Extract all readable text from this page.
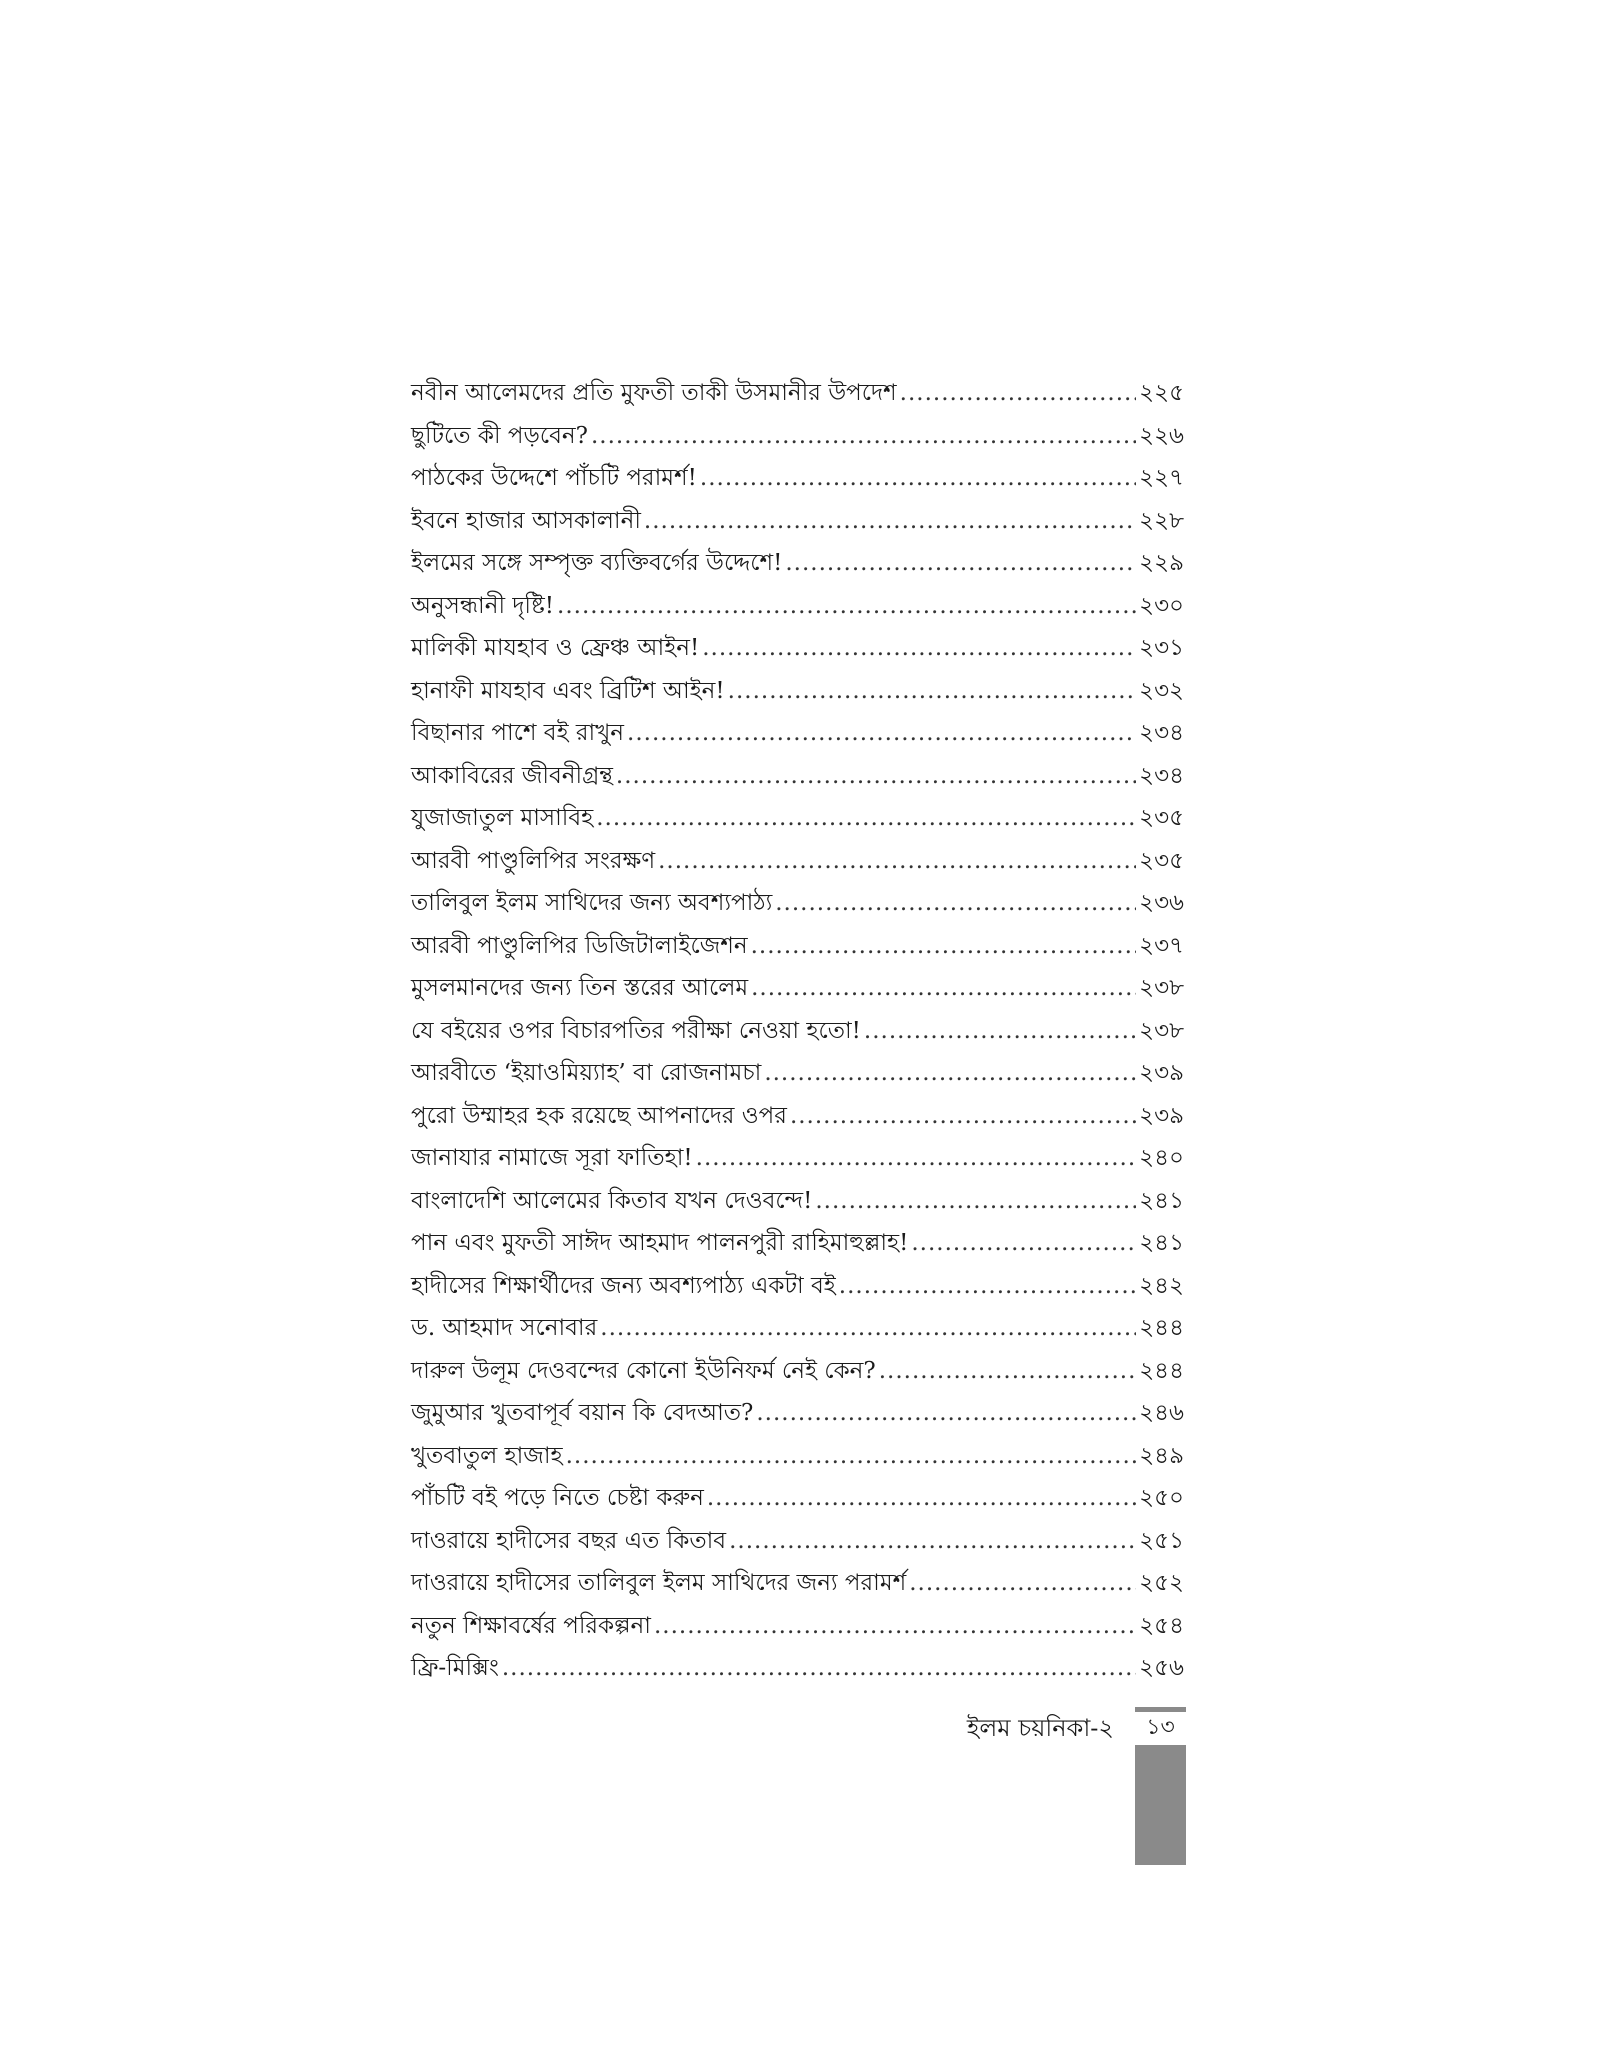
নবীন আলেমদের প্রতি মুফতী তাকী উসমানীর উপদেশ .....	২২৫
ছুটিতে কী পড়বেন? .....	২২৬
পাঠকের উদ্দেশে পাঁচটি পরামর্শ! .....	২২৭
ইবনে হাজার আসকালানী .....	২২৮
ইলমের সঙ্গে সম্পৃক্ত ব্যক্তিবর্গের উদ্দেশে! .....	২২৯
অনুসন্ধানী দৃষ্টি! .....	২৩০
মালিকী মাযহাব ও ফ্রেঞ্চ আইন! .....	২৩১
হানাফী মাযহাব এবং ব্রিটিশ আইন! .....	২৩২
বিছানার পাশে বই রাখুন .....	২৩৪
আকাবিরের জীবনীগ্রন্থ .....	২৩৪
যুজাজাতুল মাসাবিহ .....	২৩৫
আরবী পাণ্ডুলিপির সংরক্ষণ .....	২৩৫
তালিবুল ইলম সাথিদের জন্য অবশ্যপাঠ্য .....	২৩৬
আরবী পাণ্ডুলিপির ডিজিটালাইজেশন .....	২৩৭
মুসলমানদের জন্য তিন স্তরের আলেম .....	২৩৮
যে বইয়ের ওপর বিচারপতির পরীক্ষা নেওয়া হতো! .....	২৩৮
আরবীতে ‘ইয়াওমিয়্যাহ’ বা রোজনামচা .....	২৩৯
পুরো উম্মাহর হক রয়েছে আপনাদের ওপর .....	২৩৯
জানাযার নামাজে সূরা ফাতিহা! .....	২৪০
বাংলাদেশি আলেমের কিতাব যখন দেওবন্দে! .....	২৪১
পান এবং মুফতী সাঈদ আহমাদ পালনপুরী রাহিমাহুল্লাহ! .....	২৪১
হাদীসের শিক্ষার্থীদের জন্য অবশ্যপাঠ্য একটা বই .....	২৪২
ড. আহমাদ সনোবার .....	২৪৪
দারুল উলূম দেওবন্দের কোনো ইউনিফর্ম নেই কেন? .....	২৪৪
জুমুআর খুতবাপূর্ব বয়ান কি বেদআত? .....	২৪৬
খুতবাতুল হাজাহ .....	২৪৯
পাঁচটি বই পড়ে নিতে চেষ্টা করুন .....	২৫০
দাওরায়ে হাদীসের বছর এত কিতাব .....	২৫১
দাওরায়ে হাদীসের তালিবুল ইলম সাথিদের জন্য পরামর্শ .....	২৫২
নতুন শিক্ষাবর্ষের পরিকল্পনা .....	২৫৪
ফ্রি-মিক্সিং .....	২৫৬
ইলম চয়নিকা-২	১৩
